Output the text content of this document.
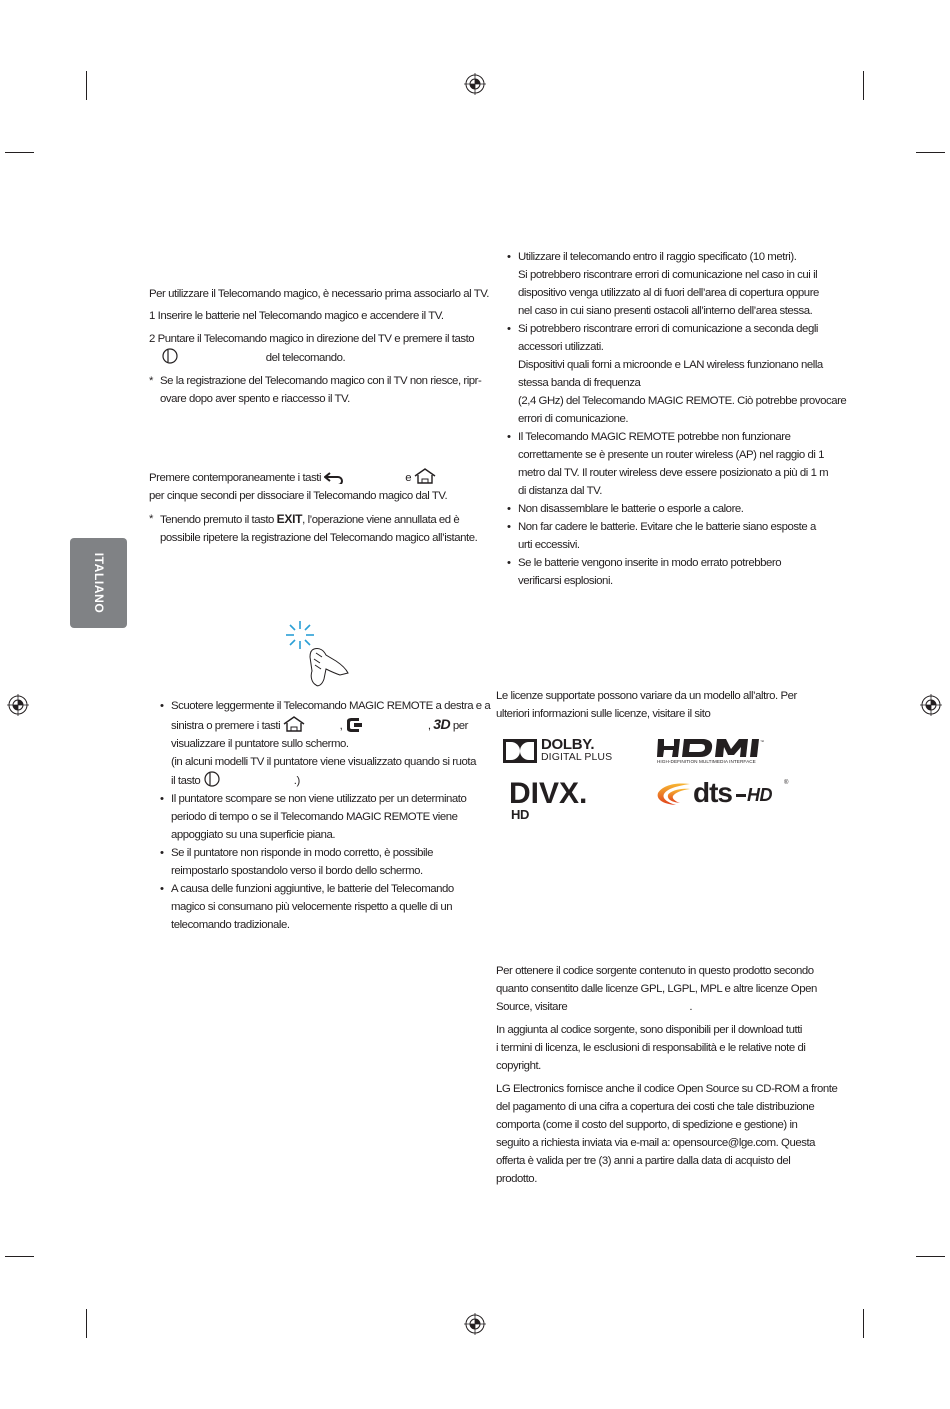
ITALIANO
Per utilizzare il Telecomando magico, è necessario prima associarlo al TV.
1 Inserire le batterie nel Telecomando magico e accendere il TV.
2 Puntare il Telecomando magico in direzione del TV e premere il tasto
del telecomando.
* Se la registrazione del Telecomando magico con il TV non riesce, ripr-
ovare dopo aver spento e riaccesso il TV.
Premere contemporaneamente i tasti	e
per cinque secondi per dissociare il Telecomando magico dal TV.
* Tenendo premuto il tasto EXIT, l’operazione viene annullata ed è
possibile ripetere la registrazione del Telecomando magico all’istante.
• Scuotere leggermente il Telecomando MAGIC REMOTE a destra e a
sinistra o premere i tasti	,	, 3D per
visualizzare il puntatore sullo schermo.
(in alcuni modelli TV il puntatore viene visualizzato quando si ruota
il tasto	.)
• Il puntatore scompare se non viene utilizzato per un determinato
periodo di tempo o se il Telecomando MAGIC REMOTE viene
appoggiato su una superficie piana.
• Se il puntatore non risponde in modo corretto, è possibile
reimpostarlo spostandolo verso il bordo dello schermo.
• A causa delle funzioni aggiuntive, le batterie del Telecomando
magico si consumano più velocemente rispetto a quelle di un
telecomando tradizionale.
• Utilizzare il telecomando entro il raggio specificato (10 metri).
Si potrebbero riscontrare errori di comunicazione nel caso in cui il
dispositivo venga utilizzato al di fuori dell’area di copertura oppure
nel caso in cui siano presenti ostacoli all’interno dell’area stessa.
• Si potrebbero riscontrare errori di comunicazione a seconda degli
accessori utilizzati.
Dispositivi quali forni a microonde e LAN wireless funzionano nella
stessa banda di frequenza
(2,4 GHz) del Telecomando MAGIC REMOTE. Ciò potrebbe provocare
errori di comunicazione.
• Il Telecomando MAGIC REMOTE potrebbe non funzionare
correttamente se è presente un router wireless (AP) nel raggio di 1
metro dal TV. Il router wireless deve essere posizionato a più di 1 m
di distanza dal TV.
• Non disassemblare le batterie o esporle a calore.
• Non far cadere le batterie. Evitare che le batterie siano esposte a
urti eccessivi.
• Se le batterie vengono inserite in modo errato potrebbero
verificarsi esplosioni.
Le licenze supportate possono variare da un modello all’altro. Per
ulteriori informazioni sulle licenze, visitare il sito
DOLBY.
DIGITAL PLUS
™
HIGH-DEFINITION MULTIMEDIA INTERFACE
DIVX.
HD
dts HD
®
Per ottenere il codice sorgente contenuto in questo prodotto secondo
quanto consentito dalle licenze GPL, LGPL, MPL e altre licenze Open
Source, visitare	.
In aggiunta al codice sorgente, sono disponibili per il download tutti
i termini di licenza, le esclusioni di responsabilità e le relative note di
copyright.
LG Electronics fornisce anche il codice Open Source su CD-ROM a fronte
del pagamento di una cifra a copertura dei costi che tale distribuzione
comporta (come il costo del supporto, di spedizione e gestione) in
seguito a richiesta inviata via e-mail a: opensource@lge.com. Questa
offerta è valida per tre (3) anni a partire dalla data di acquisto del
prodotto.
